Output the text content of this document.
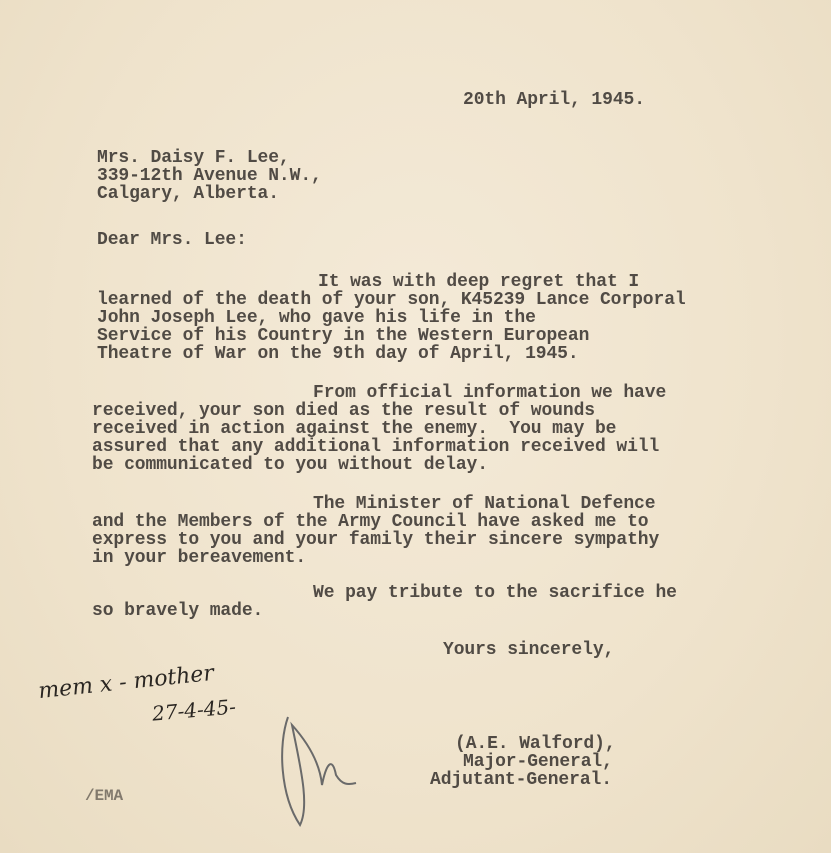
20th April, 1945.
Mrs. Daisy F. Lee,
339-12th Avenue N.W.,
Calgary, Alberta.
Dear Mrs. Lee:
It was with deep regret that I
learned of the death of your son, K45239 Lance Corporal
John Joseph Lee, who gave his life in the
Service of his Country in the Western European
Theatre of War on the 9th day of April, 1945.
From official information we have
received, your son died as the result of wounds
received in action against the enemy.  You may be
assured that any additional information received will
be communicated to you without delay.
The Minister of National Defence
and the Members of the Army Council have asked me to
express to you and your family their sincere sympathy
in your bereavement.
We pay tribute to the sacrifice he
so bravely made.
Yours sincerely,
mem x - mother
27-4-45-
(A.E. Walford),
Major-General,
Adjutant-General.
/EMA
